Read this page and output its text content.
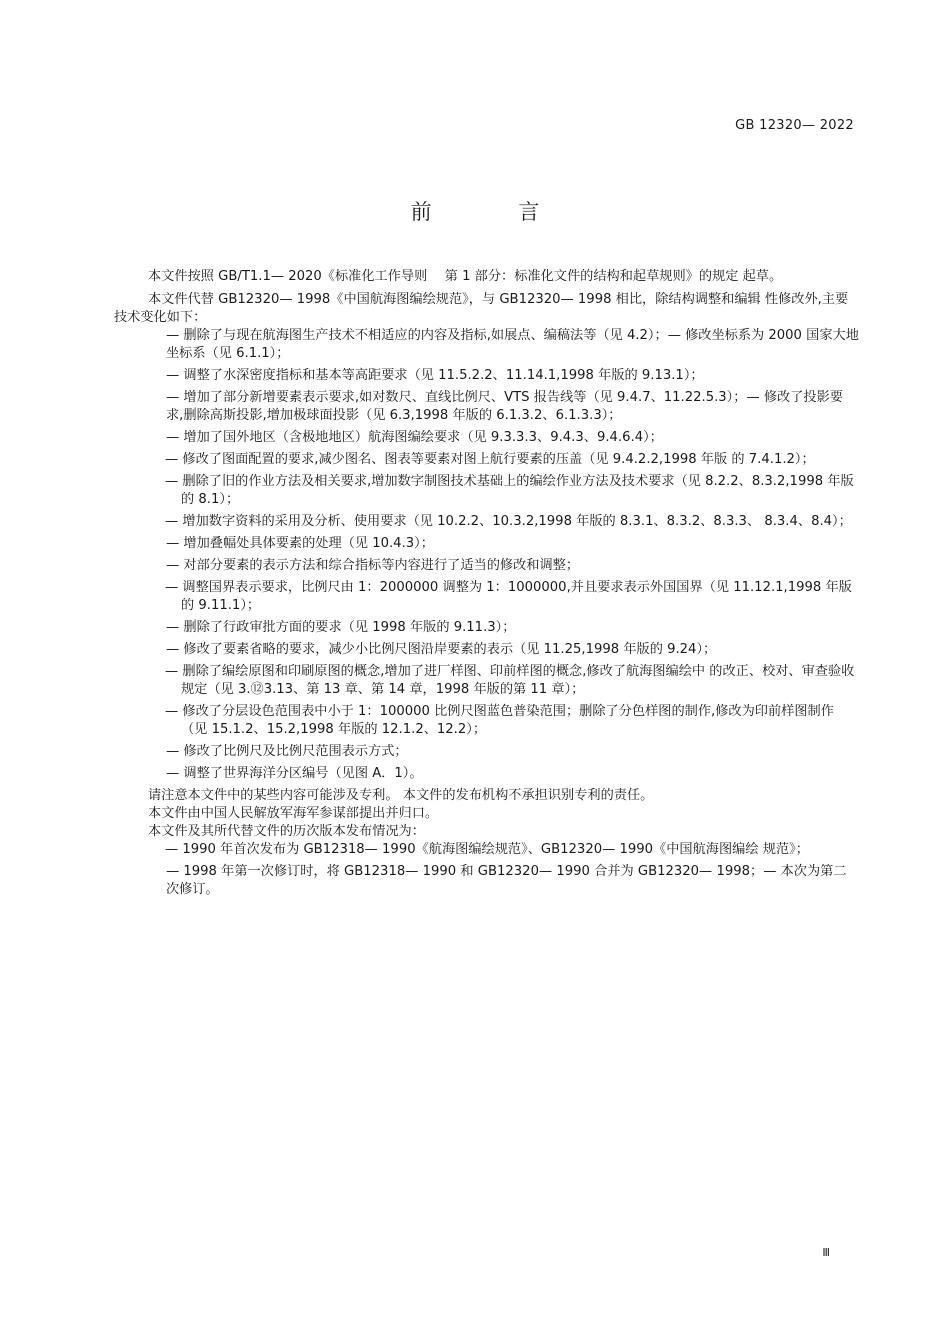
GB 12320— 2022
前 言

本文件按照 GB/T1.1— 2020《标准化工作导则　 第 1 部分：标准化文件的结构和起草规则》的规定 起草。

本文件代替 GB12320— 1998《中国航海图编绘规范》，与 GB12320— 1998 相比，除结构调整和编辑 性修改外,主要技术变化如下：

— 删除了与现在航海图生产技术不相适应的内容及指标,如展点、编稿法等（见 4.2）；— 修改坐标系为 2000 国家大地坐标系（见 6.1.1）；
— 调整了水深密度指标和基本等高距要求（见 11.5.2.2、11.14.1,1998 年版的 9.13.1）；
— 增加了部分新增要素表示要求,如对数尺、直线比例尺、VTS 报告线等（见 9.4.7、11.22.5.3）；— 修改了投影要求,删除高斯投影,增加极球面投影（见 6.3,1998 年版的 6.1.3.2、6.1.3.3）；
— 增加了国外地区（含极地地区）航海图编绘要求（见 9.3.3.3、9.4.3、9.4.6.4）；
— 修改了图面配置的要求,减少图名、图表等要素对图上航行要素的压盖（见 9.4.2.2,1998 年版 的 7.4.1.2）；
— 删除了旧的作业方法及相关要求,增加数字制图技术基础上的编绘作业方法及技术要求（见 8.2.2、8.3.2,1998 年版的 8.1）；
— 增加数字资料的采用及分析、使用要求（见 10.2.2、10.3.2,1998 年版的 8.3.1、8.3.2、8.3.3、 8.3.4、8.4）；
— 增加叠幅处具体要素的处理（见 10.4.3）；
— 对部分要素的表示方法和综合指标等内容进行了适当的修改和调整；
— 调整国界表示要求，比例尺由 1：2000000 调整为 1：1000000,并且要求表示外国国界（见 11.12.1,1998 年版的 9.11.1）；
— 删除了行政审批方面的要求（见 1998 年版的 9.11.3）；
— 修改了要素省略的要求，减少小比例尺图沿岸要素的表示（见 11.25,1998 年版的 9.24）；
— 删除了编绘原图和印刷原图的概念,增加了进厂样图、印前样图的概念,修改了航海图编绘中 的改正、校对、审查验收规定（见 3.⑫3.13、第 13 章、第 14 章，1998 年版的第 11 章）；
— 修改了分层设色范围表中小于 1：100000 比例尺图蓝色普染范围；删除了分色样图的制作,修改为印前样图制作（见 15.1.2、15.2,1998 年版的 12.1.2、12.2）；
— 修改了比例尺及比例尺范围表示方式；
— 调整了世界海洋分区编号（见图 A．1）。

请注意本文件中的某些内容可能涉及专利。 本文件的发布机构不承担识别专利的责任。

本文件由中国人民解放军海军参谋部提出并归口。

本文件及其所代替文件的历次版本发布情况为：

— 1990 年首次发布为 GB12318— 1990《航海图编绘规范》、GB12320— 1990《中国航海图编绘 规范》；
— 1998 年第一次修订时，将 GB12318— 1990 和 GB12320— 1990 合并为 GB12320— 1998；— 本次为第二次修订。
Ⅲ
